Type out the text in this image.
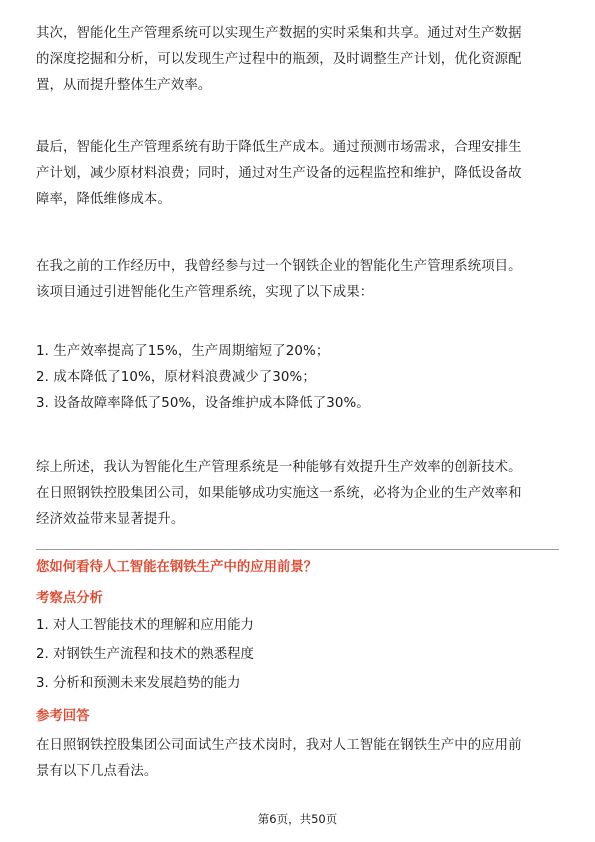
其次，智能化生产管理系统可以实现生产数据的实时采集和共享。通过对生产数据
的深度挖掘和分析，可以发现生产过程中的瓶颈，及时调整生产计划，优化资源配
置，从而提升整体生产效率。
最后，智能化生产管理系统有助于降低生产成本。通过预测市场需求，合理安排生
产计划，减少原材料浪费；同时，通过对生产设备的远程监控和维护，降低设备故
障率，降低维修成本。
在我之前的工作经历中，我曾经参与过一个钢铁企业的智能化生产管理系统项目。
该项目通过引进智能化生产管理系统，实现了以下成果：
1. 生产效率提高了15%，生产周期缩短了20%；
2. 成本降低了10%，原材料浪费减少了30%；
3. 设备故障率降低了50%，设备维护成本降低了30%。
综上所述，我认为智能化生产管理系统是一种能够有效提升生产效率的创新技术。
在日照钢铁控股集团公司，如果能够成功实施这一系统，必将为企业的生产效率和
经济效益带来显著提升。
您如何看待人工智能在钢铁生产中的应用前景？
考察点分析
1. 对人工智能技术的理解和应用能力
2. 对钢铁生产流程和技术的熟悉程度
3. 分析和预测未来发展趋势的能力
参考回答
在日照钢铁控股集团公司面试生产技术岗时，我对人工智能在钢铁生产中的应用前
景有以下几点看法。
第6页，共50页
